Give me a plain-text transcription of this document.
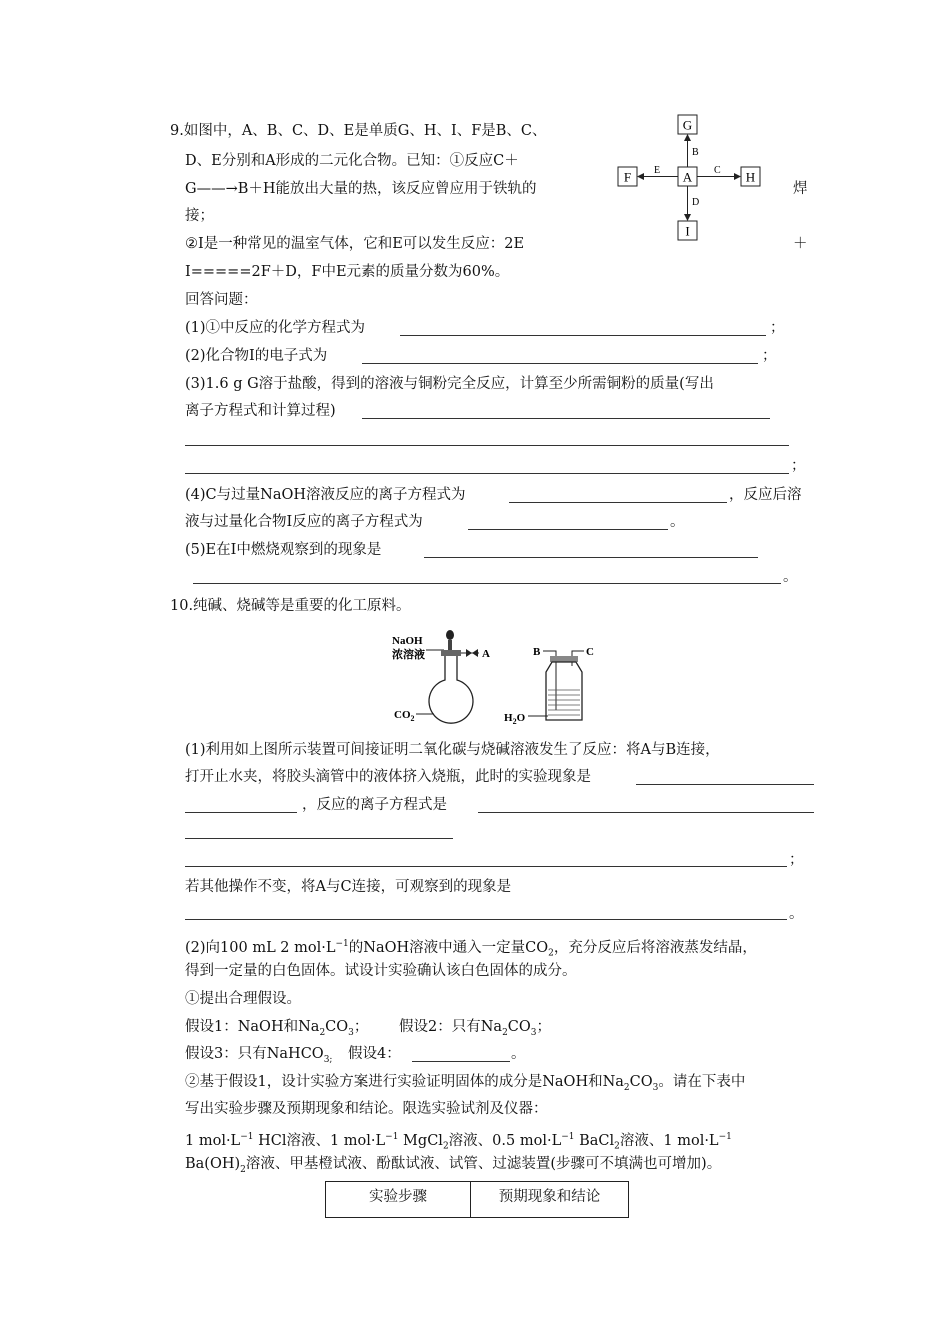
9.如图中，A、B、C、D、E是单质G、H、I、F是B、C、
D、E分别和A形成的二元化合物。已知：①反应C＋
G——→B＋H能放出大量的热，该反应曾应用于铁轨的	焊
接；
②I是一种常见的温室气体，它和E可以发生反应：2E	＋
I=====2F＋D，F中E元素的质量分数为60%。
回答问题：
G
F	A	H
I
B
E	C
D
(1)①中反应的化学方程式为	；
(2)化合物I的电子式为	；
(3)1.6 g G溶于盐酸，得到的溶液与铜粉完全反应，计算至少所需铜粉的质量(写出
离子方程式和计算过程)
；
(4)C与过量NaOH溶液反应的离子方程式为	，反应后溶
液与过量化合物I反应的离子方程式为	。
(5)E在I中燃烧观察到的现象是
。
10.纯碱、烧碱等是重要的化工原料。
NaOH
浓溶液	A
$CO_2$
B	C
$H_2O$
(1)利用如上图所示装置可间接证明二氧化碳与烧碱溶液发生了反应：将A与B连接，
打开止水夹，将胶头滴管中的液体挤入烧瓶，此时的实验现象是
，反应的离子方程式是
；
若其他操作不变，将A与C连接，可观察到的现象是
。
(2)向100 mL 2 $mol\cdot L^{-1}$的NaOH溶液中通入一定量$CO_2$，充分反应后将溶液蒸发结晶，
得到一定量的白色固体。试设计实验确认该白色固体的成分。
①提出合理假设。
假设1：NaOH和$Na_2CO_3$； 假设2：只有$Na_2CO_3$；
假设3：只有NaHCO$_{3;}$ 假设4：	。
②基于假设1，设计实验方案进行实验证明固体的成分是NaOH和$Na_2CO_3$。请在下表中
写出实验步骤及预期现象和结论。限选实验试剂及仪器：
1 $mol\cdot L^{-1}$ HCl溶液、1 $mol\cdot L^{-1}$ MgCl$_2$溶液、0.5 $mol\cdot L^{-1}$ BaCl$_2$溶液、1 $mol\cdot L^{-1}$
$Ba(OH)_2$溶液、甲基橙试液、酚酞试液、试管、过滤装置(步骤可不填满也可增加)。
实验步骤	预期现象和结论
